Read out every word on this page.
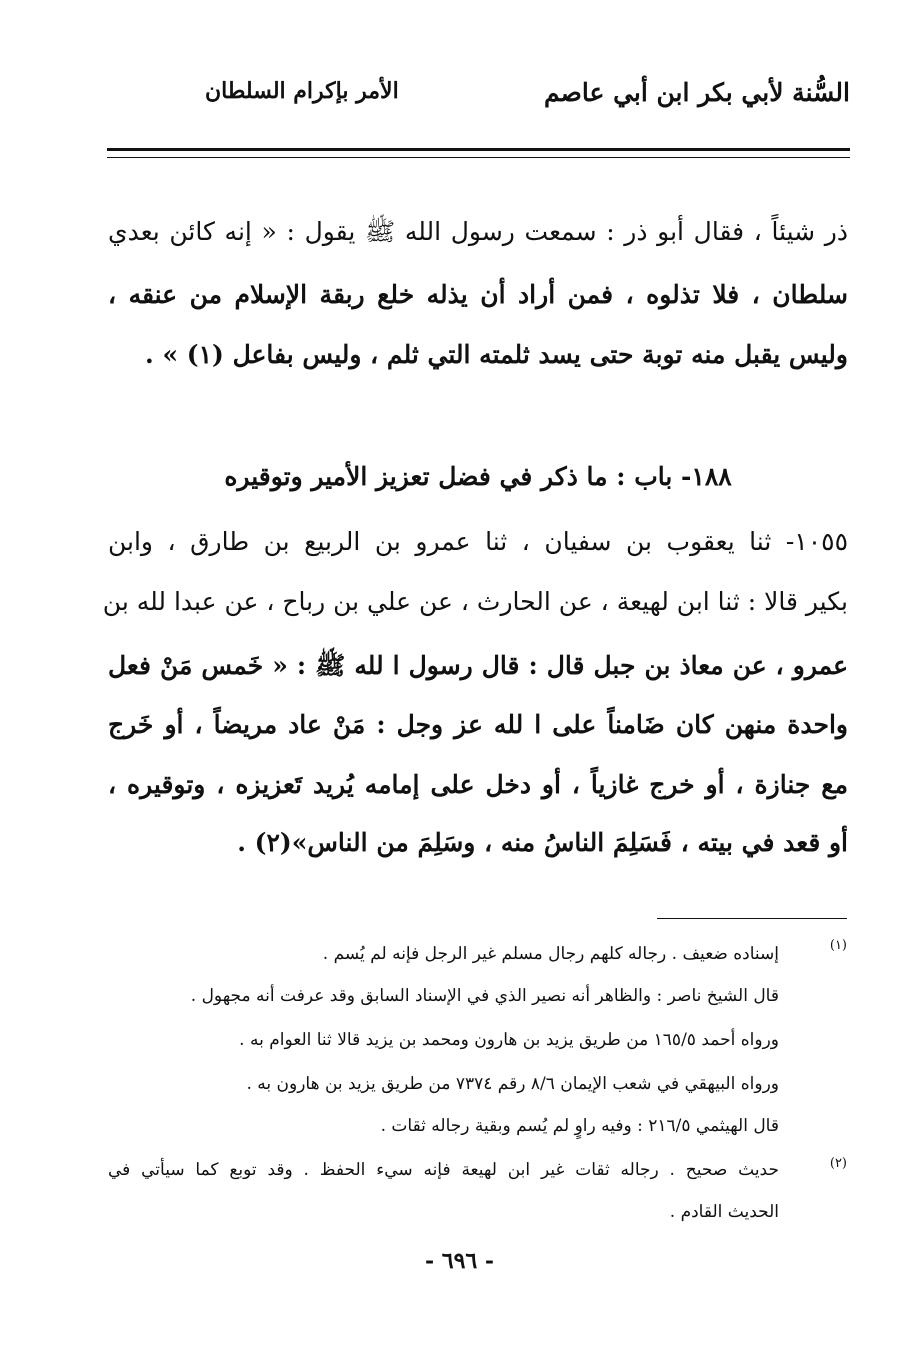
السُّنة لأبي بكر ابن أبي عاصم
الأمر بإكرام السلطان
ذر شيئاً ، فقال أبو ذر : سمعت رسول الله ﷺ يقول : « إنه كائن بعدي
سلطان ، فلا تذلوه ، فمن أراد أن يذله خلع ربقة الإسلام من عنقه ،
وليس يقبل منه توبة حتى يسد ثلمته التي ثلم ، وليس بفاعل (١) » .
١٨٨- باب : ما ذكر في فضل تعزيز الأمير وتوقيره
١٠٥٥- ثنا يعقوب بن سفيان ، ثنا عمرو بن الربيع بن طارق ، وابن
بكير قالا : ثنا ابن لهيعة ، عن الحارث ، عن علي بن رباح ، عن عبدا لله بن
عمرو ، عن معاذ بن جبل قال : قال رسول ا لله ﷺ : « خَمس مَنْ فعل
واحدة منهن كان ضَامناً على ا لله عز وجل : مَنْ عاد مريضاً ، أو خَرج
مع جنازة ، أو خرج غازياً ، أو دخل على إمامه يُريد تَعزيزه ، وتوقيره ،
أو قعد في بيته ، فَسَلِمَ الناسُ منه ، وسَلِمَ من الناس»(٢) .
(١)
إسناده ضعيف . رجاله كلهم رجال مسلم غير الرجل فإنه لم يُسم .
قال الشيخ ناصر : والظاهر أنه نصير الذي في الإسناد السابق وقد عرفت أنه مجهول .
ورواه أحمد ١٦٥/٥ من طريق يزيد بن هارون ومحمد بن يزيد قالا ثنا العوام به .
ورواه البيهقي في شعب الإيمان ٨/٦ رقم ٧٣٧٤ من طريق يزيد بن هارون به .
قال الهيثمي ٢١٦/٥ : وفيه راوٍ لم يُسم وبقية رجاله ثقات .
(٢)
حديث صحيح . رجاله ثقات غير ابن لهيعة فإنه سيء الحفظ . وقد توبع كما سيأتي في
الحديث القادم .
- ٦٩٦ -
